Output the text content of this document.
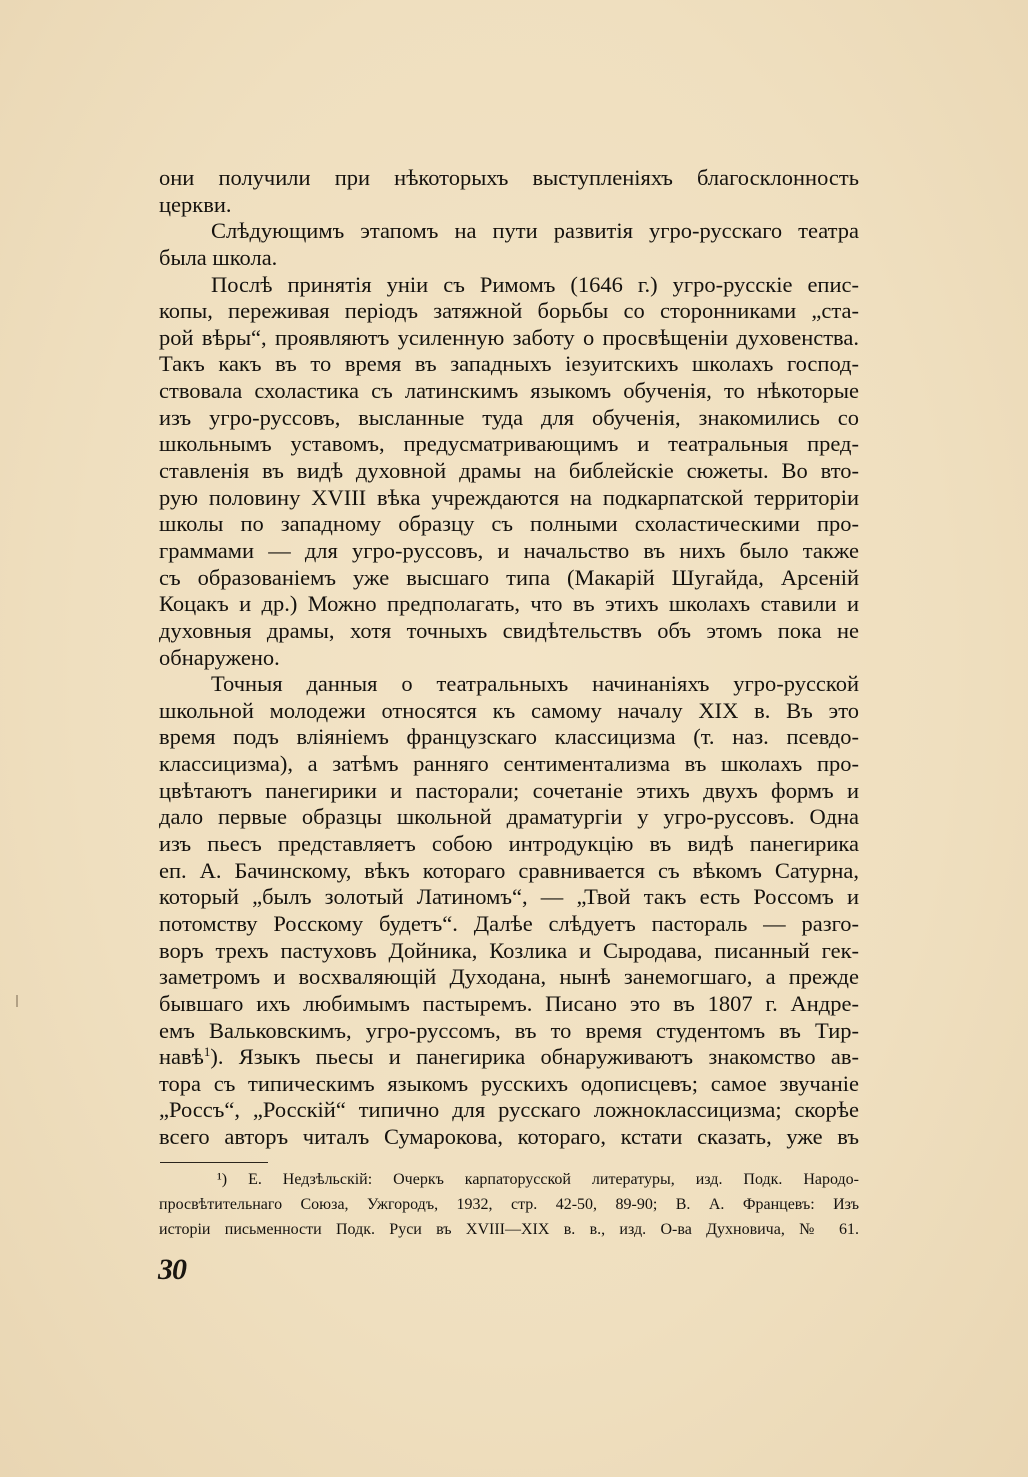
они получили при нѣкоторыхъ выступленіяхъ благосклонность
церкви.
Слѣдующимъ этапомъ на пути развитія угро-русскаго театра
была школа.
Послѣ принятія уніи съ Римомъ (1646 г.) угро-русскіе епис-
копы, переживая періодъ затяжной борьбы со сторонниками „ста-
рой вѣры“, проявляютъ усиленную заботу о просвѣщеніи духовенства.
Такъ какъ въ то время въ западныхъ іезуитскихъ школахъ господ-
ствовала схоластика съ латинскимъ языкомъ обученія, то нѣкоторые
изъ угро-руссовъ, высланные туда для обученія, знакомились со
школьнымъ уставомъ, предусматривающимъ и театральныя пред-
ставленія въ видѣ духовной драмы на библейскіе сюжеты. Во вто-
рую половину XVIII вѣка учреждаются на подкарпатской территоріи
школы по западному образцу съ полными схоластическими про-
граммами — для угро-руссовъ, и начальство въ нихъ было также
съ образованіемъ уже высшаго типа (Макарій Шугайда, Арсеній
Коцакъ и др.) Можно предполагать, что въ этихъ школахъ ставили и
духовныя драмы, хотя точныхъ свидѣтельствъ объ этомъ пока не
обнаружено.
Точныя данныя о театральныхъ начинаніяхъ угро-русской
школьной молодежи относятся къ самому началу XIX в. Въ это
время подъ вліяніемъ французскаго классицизма (т. наз. псевдо-
классицизма), а затѣмъ ранняго сентиментализма въ школахъ про-
цвѣтаютъ панегирики и пасторали; сочетаніе этихъ двухъ формъ и
дало первые образцы школьной драматургіи у угро-руссовъ. Одна
изъ пьесъ представляетъ собою интродукцію въ видѣ панегирика
еп. А. Бачинскому, вѣкъ котораго сравнивается съ вѣкомъ Сатурна,
который „былъ золотый Латиномъ“, — „Твой такъ есть Россомъ и
потомству Росскому будетъ“. Далѣе слѣдуетъ пастораль — разго-
воръ трехъ пастуховъ Дойника, Козлика и Сыродава, писанный гек-
заметромъ и восхваляющій Духодана, нынѣ занемогшаго, а прежде
бывшаго ихъ любимымъ пастыремъ. Писано это въ 1807 г. Андре-
емъ Вальковскимъ, угро-руссомъ, въ то время студентомъ въ Тир-
навѣ$^1$). Языкъ пьесы и панегирика обнаруживаютъ знакомство ав-
тора съ типическимъ языкомъ русскихъ одописцевъ; самое звучаніе
„Россъ“, „Росскій“ типично для русскаго ложноклассицизма; скорѣе
всего авторъ читалъ Сумарокова, котораго, кстати сказать, уже въ
¹) Е. Недзѣльскій: Очеркъ карпаторусской литературы, изд. Подк. Народо-
просвѣтительнаго Союза, Ужгородъ, 1932, стр. 42-50, 89-90; В. А. Францевъ: Изъ
исторіи письменности Подк. Руси въ XVIII—XIX в. в., изд. О-ва Духновича, № 61.
30
